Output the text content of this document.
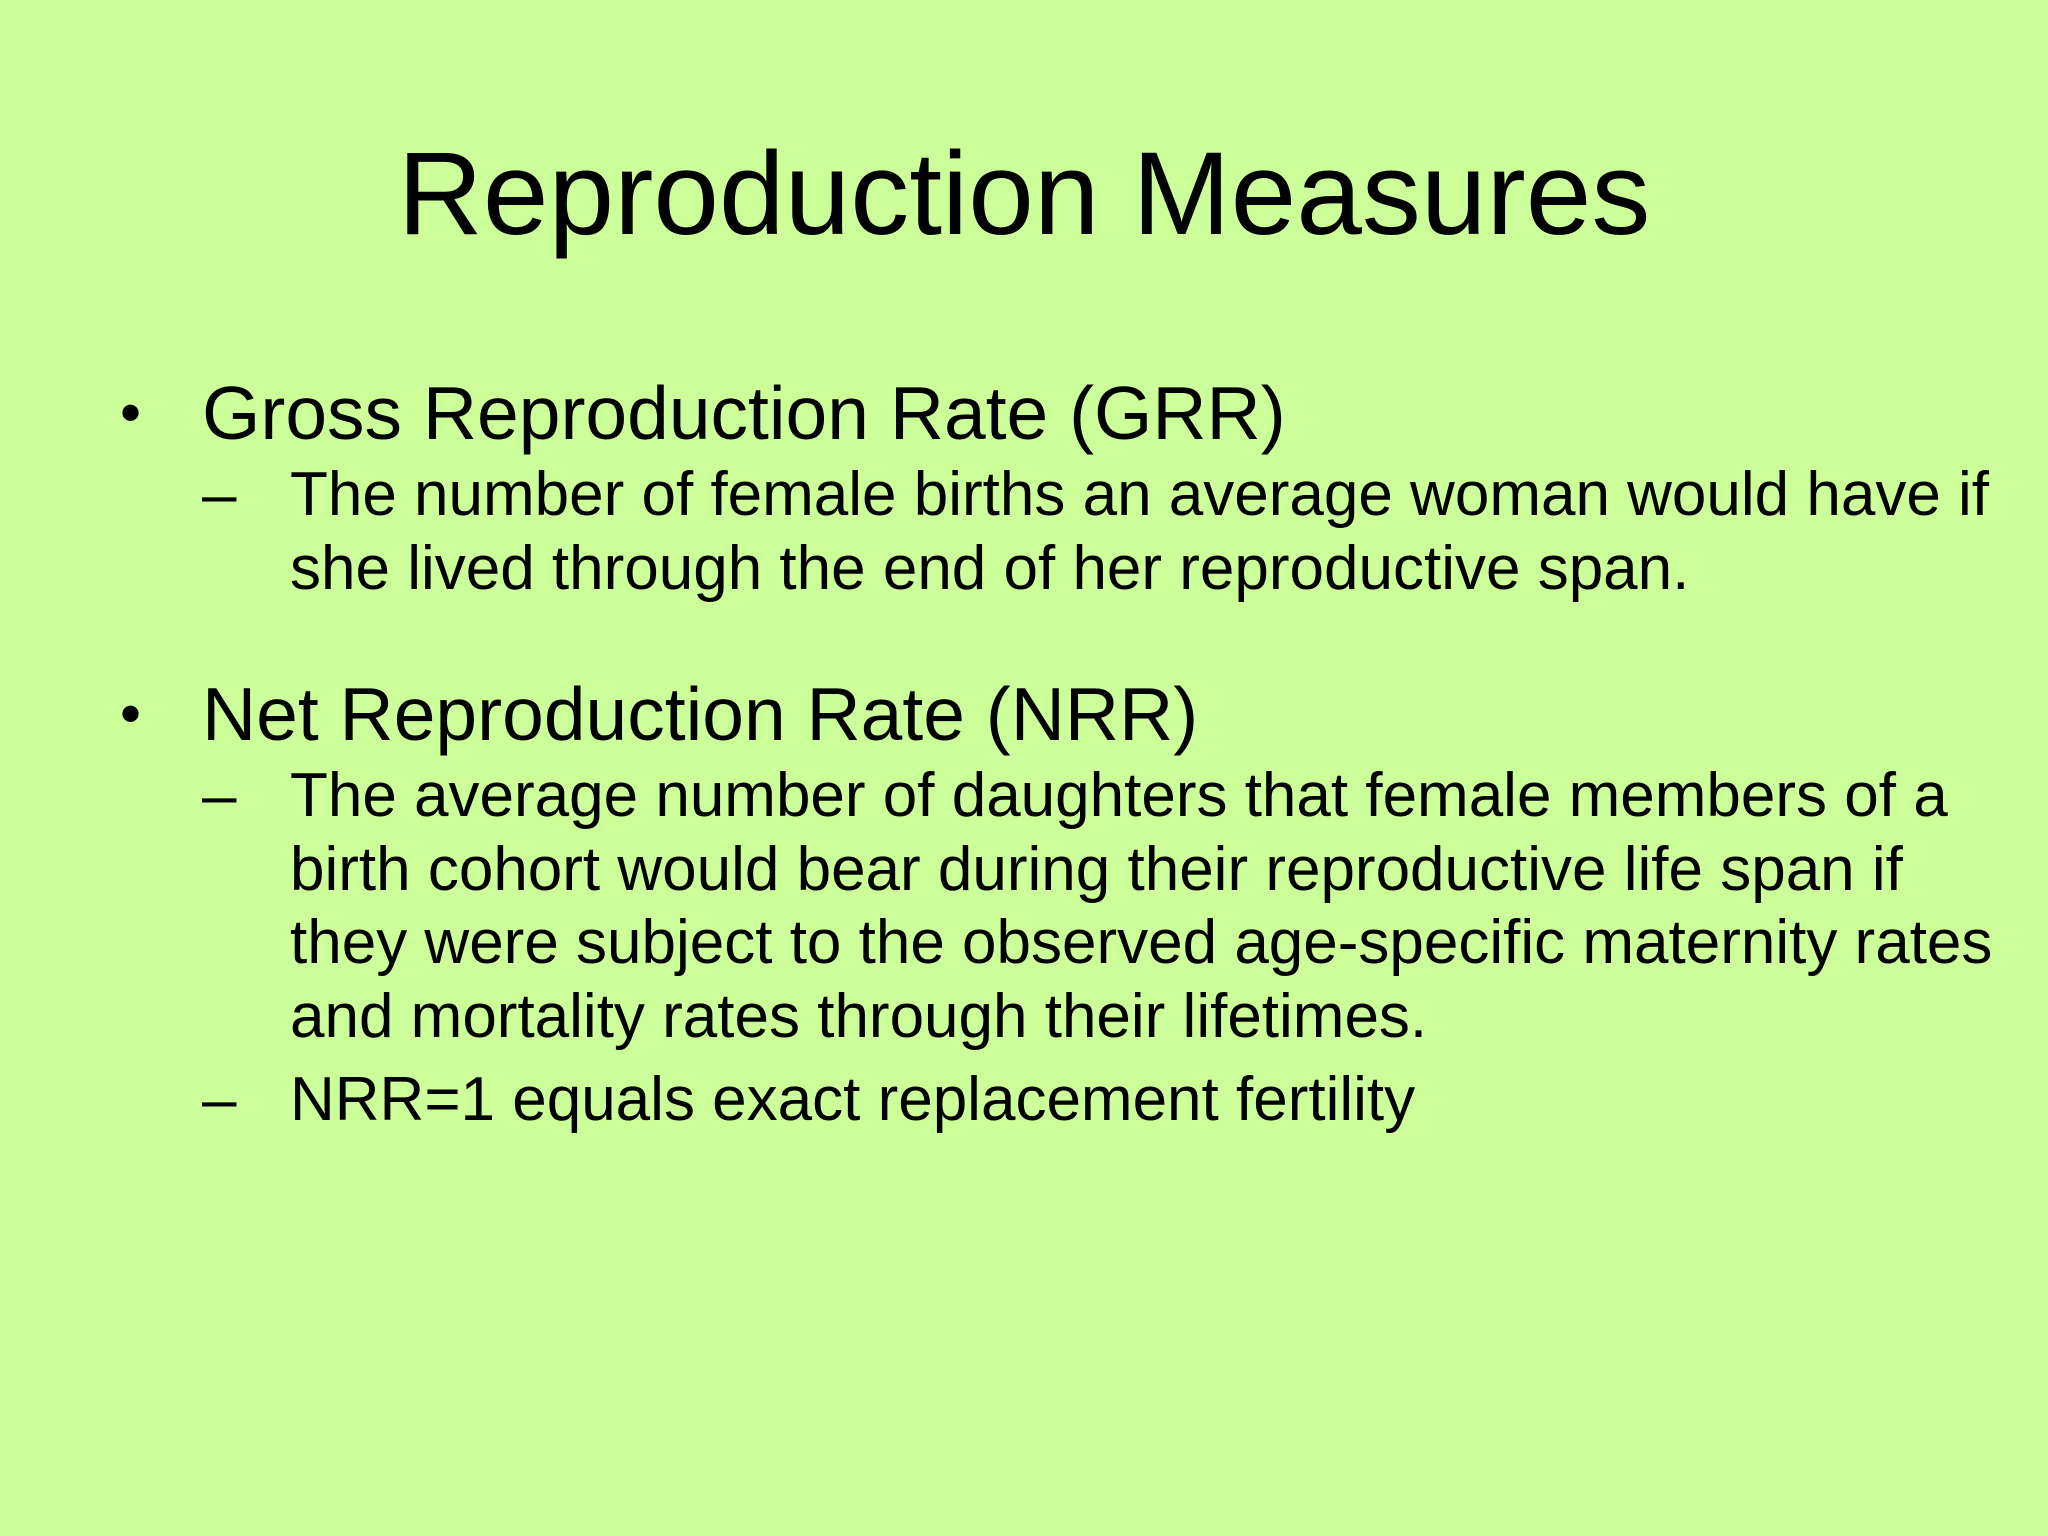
Reproduction Measures

• Gross Reproduction Rate (GRR)

– The number of female births an average woman would have if she lived through the end of her reproductive span.

• Net Reproduction Rate (NRR)

– The average number of daughters that female members of a birth cohort would bear during their reproductive life span if they were subject to the observed age-specific maternity rates and mortality rates through their lifetimes.

– NRR=1 equals exact replacement fertility
